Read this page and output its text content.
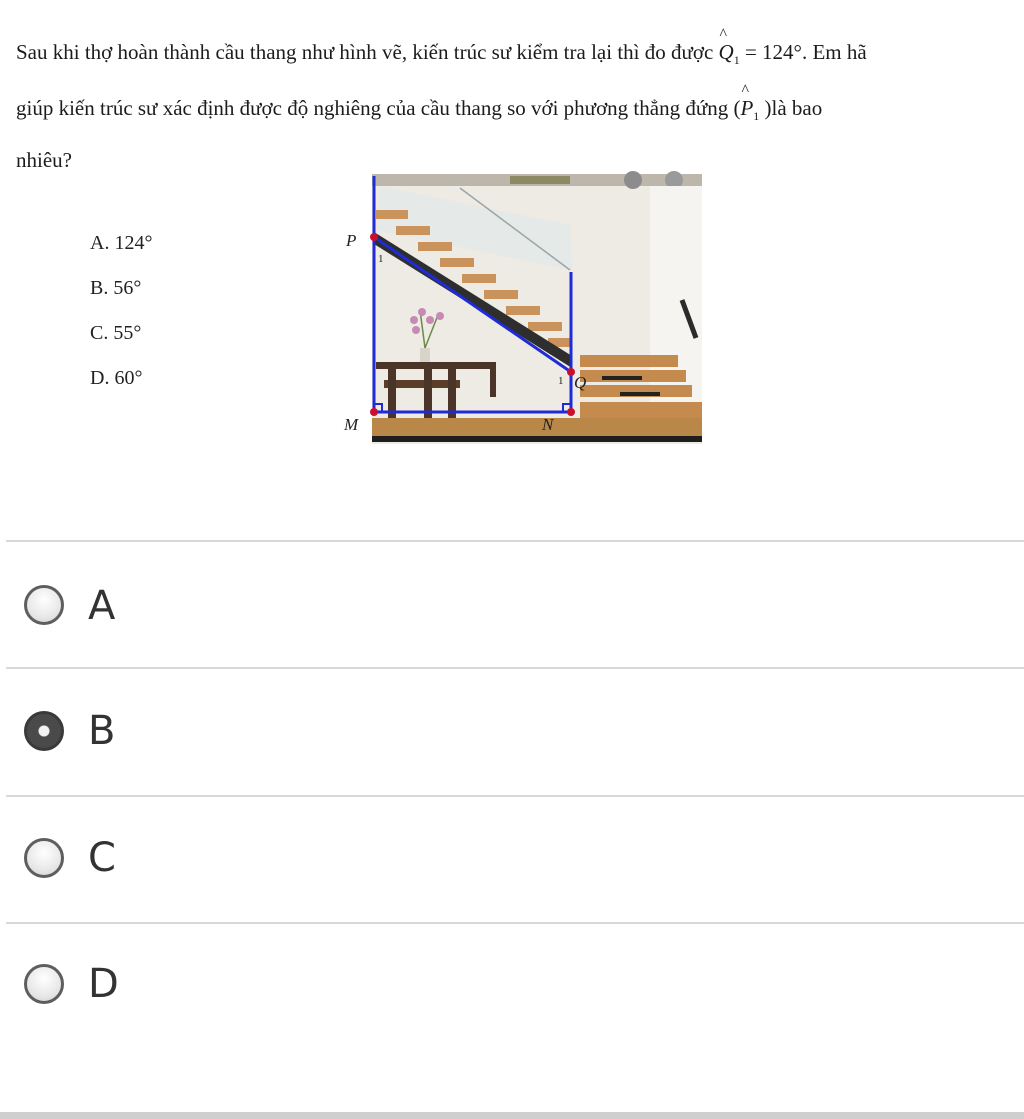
Sau khi thợ hoàn thành cầu thang như hình vẽ, kiến trúc sư kiểm tra lại thì đo được ^ $Q_1 = 124^\circ$. Em hã
giúp kiến trúc sư xác định được độ nghiêng của cầu thang so với phương thẳng đứng (^ $P_1$ )là bao
nhiêu?
A. 124°
B. 56°
C. 55°
D. 60°
P
Q
M	N
1
1
A
B
C
D
